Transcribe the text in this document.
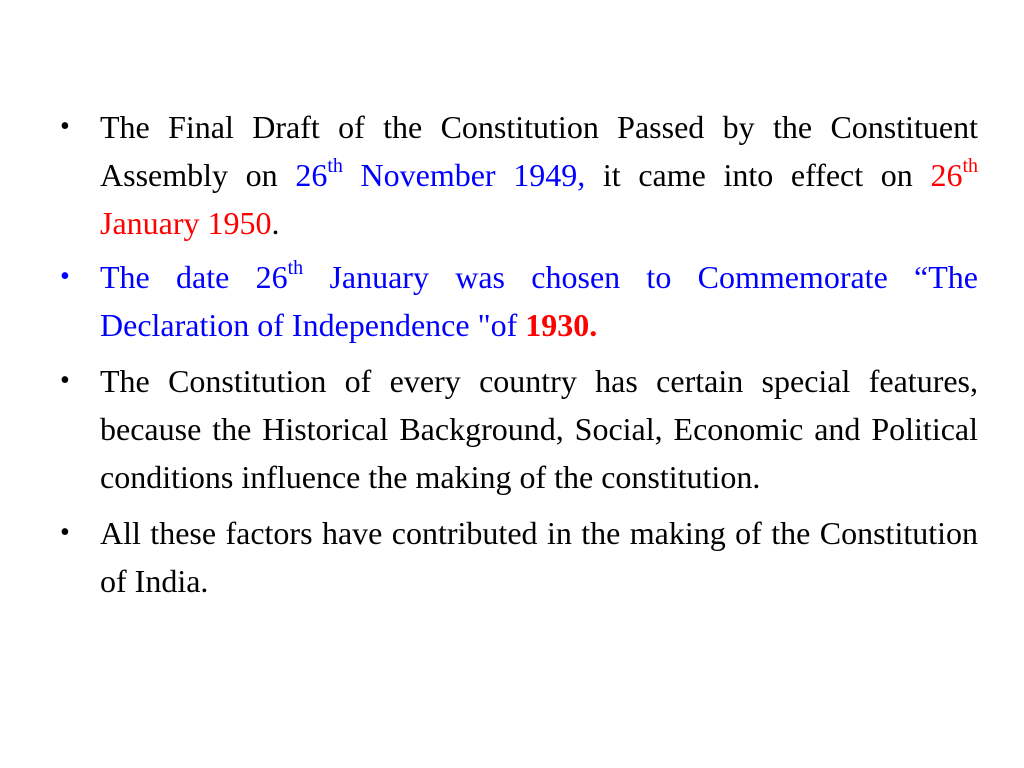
• The Final Draft of the Constitution Passed by the Constituent Assembly on 26th November 1949, it came into effect on 26th January 1950.
• The date 26th January was chosen to Commemorate “The Declaration of Independence "of 1930.
• The Constitution of every country has certain special features, because the Historical Background, Social, Economic and Political conditions influence the making of the constitution.
• All these factors have contributed in the making of the Constitution of India.
